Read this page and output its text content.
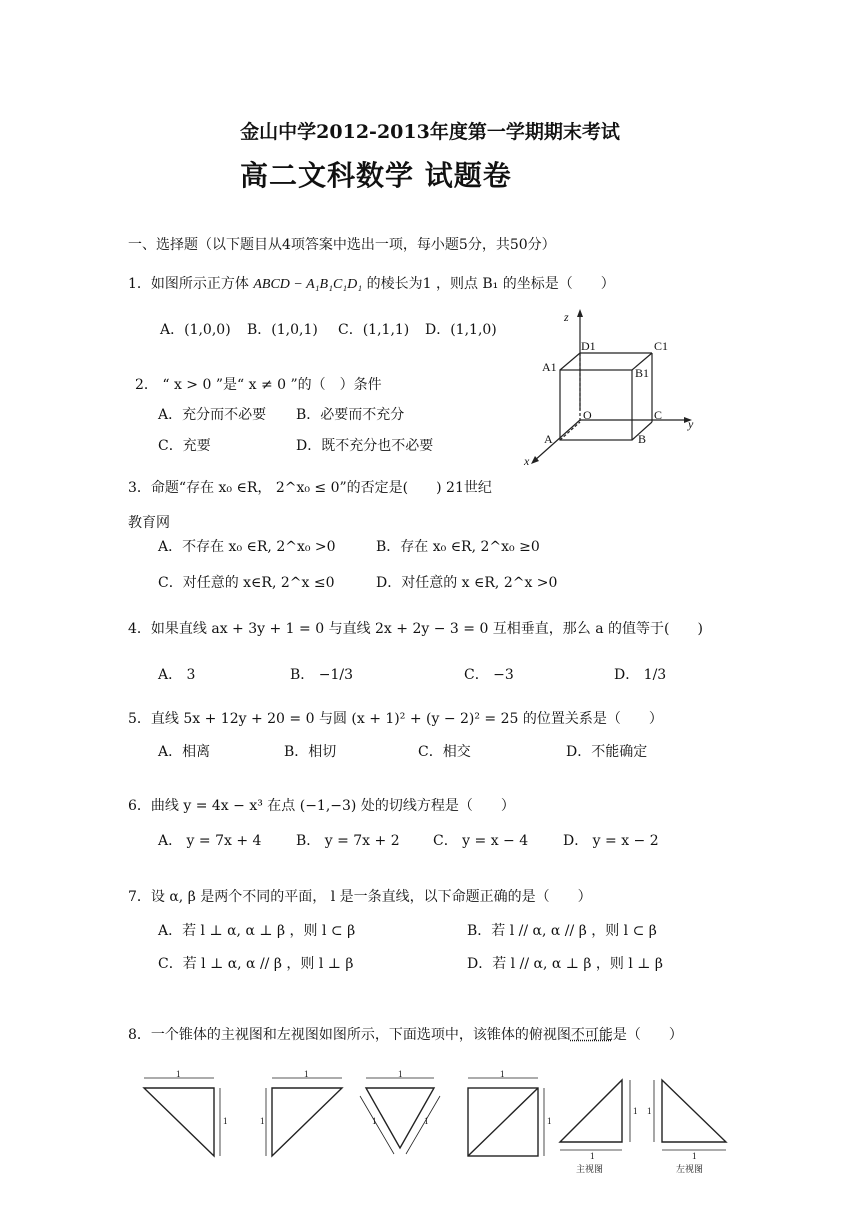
金山中学2012-2013年度第一学期期末考试
高二文科数学 试题卷
一、选择题（以下题目从4项答案中选出一项，每小题5分，共50分）
1．如图所示正方体 ABCD − A₁B₁C₁D₁ 的棱长为1 ，则点 B₁ 的坐标是（　　）
A．(1,0,0) B．(1,0,1) C．(1,1,1) D．(1,1,0)
z
y
x
D1	C1
A1	B1
O	C
A	B
2． “ x > 0 ”是“ x ≠ 0 ”的（　）条件
A．充分而不必要 B．必要而不充分
C．充要	D．既不充分也不必要
3．命题“存在 x₀ ∈R， 2^x₀ ≤ 0”的否定是(　　) 21世纪
教育网
A．不存在 x₀ ∈R, 2^x₀ >0	B．存在 x₀ ∈R, 2^x₀ ≥0
C．对任意的 x∈R, 2^x ≤0	D．对任意的 x ∈R, 2^x >0
4．如果直线 ax + 3y + 1 = 0 与直线 2x + 2y − 3 = 0 互相垂直，那么 a 的值等于(　　)
A． 3	B． −1/3	C． −3	D． 1/3
5．直线 5x + 12y + 20 = 0 与圆 (x + 1)² + (y − 2)² = 25 的位置关系是（　　）
A．相离	B．相切	C．相交	D．不能确定
6．曲线 y = 4x − x³ 在点 (−1,−3) 处的切线方程是（　　）
A． y = 7x + 4 B． y = 7x + 2 C． y = x − 4 D． y = x − 2
7．设 α, β 是两个不同的平面， l 是一条直线，以下命题正确的是（　　）
A．若 l ⊥ α, α ⊥ β ，则 l ⊂ β	B．若 l // α, α // β ，则 l ⊂ β
C．若 l ⊥ α, α // β ，则 l ⊥ β	D．若 l // α, α ⊥ β ，则 l ⊥ β
8．一个锥体的主视图和左视图如图所示，下面选项中，该锥体的俯视图不可能是（　　）
1
1
1
1
1
1	1
1
1
1
1
1
1
主视图	左视图
